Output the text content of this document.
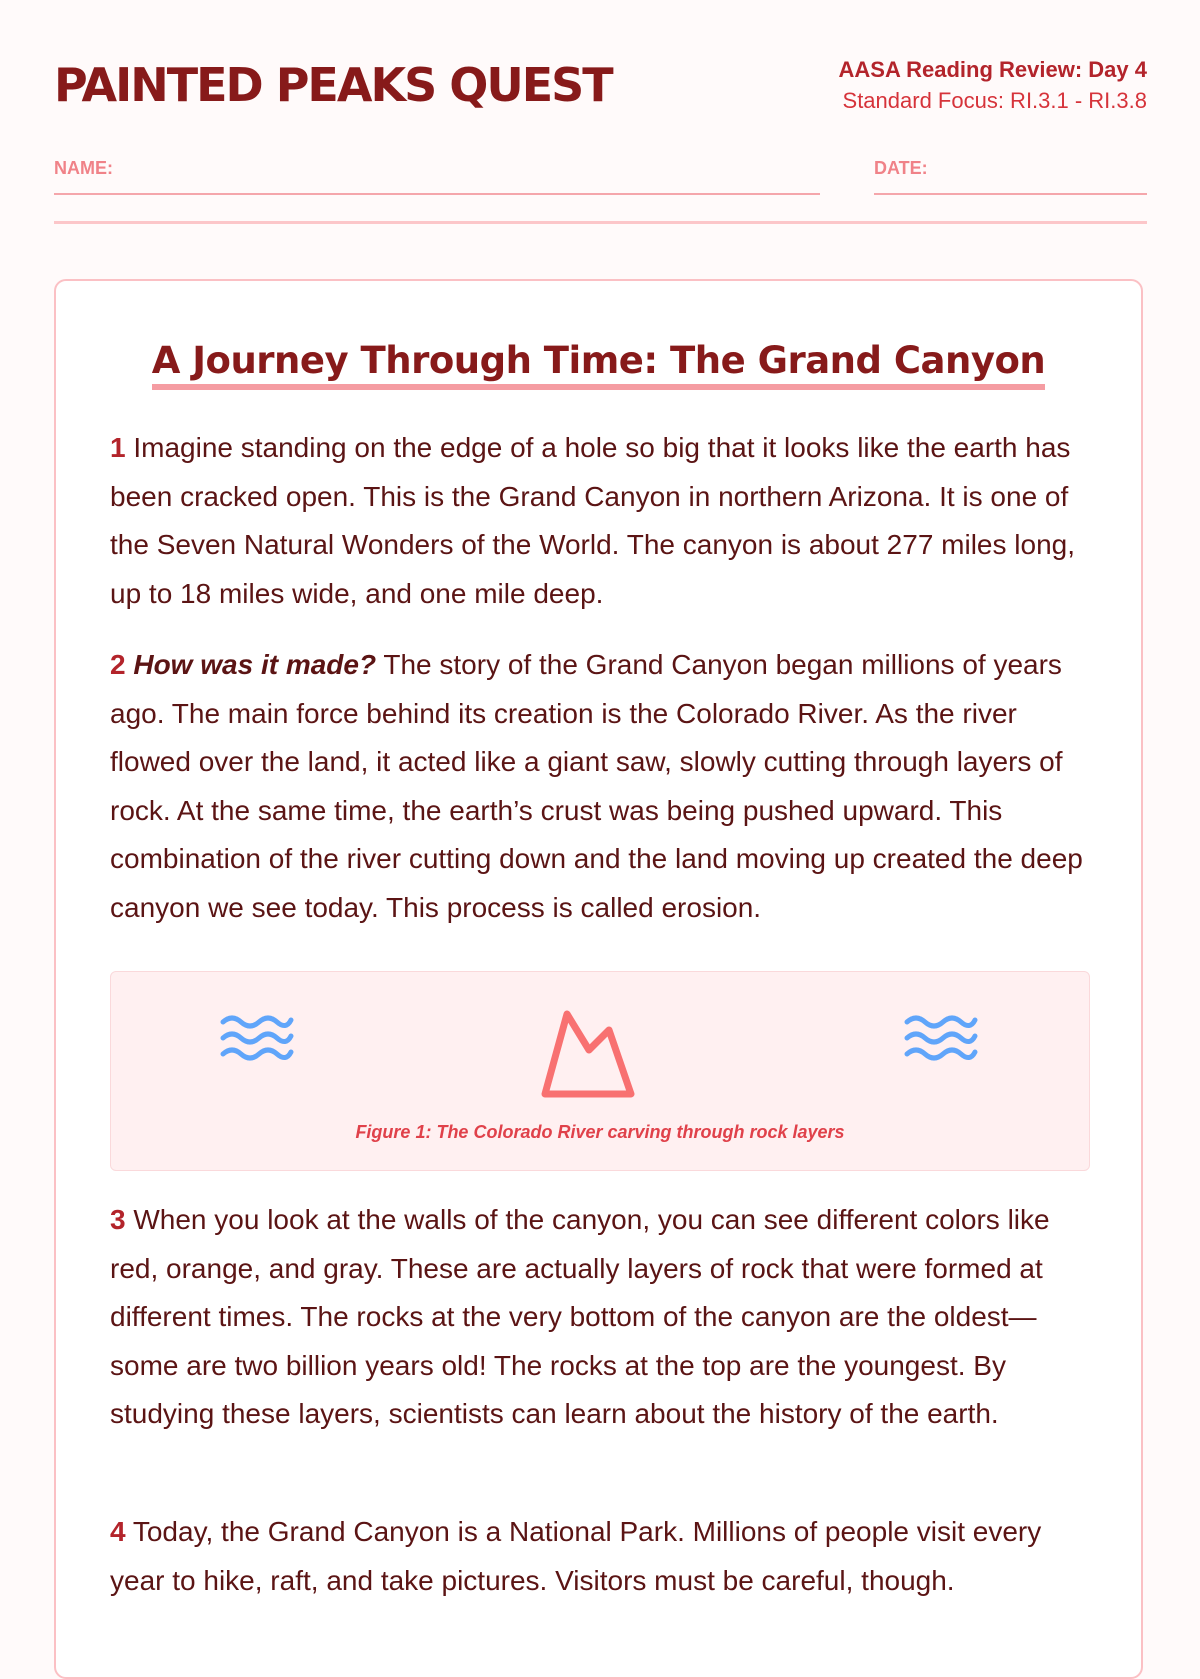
PAINTED PEAKS QUEST	AASA Reading Review: Day 4
Standard Focus: RI.3.1 - RI.3.8
NAME:	DATE:
A Journey Through Time: The Grand Canyon

1 Imagine standing on the edge of a hole so big that it looks like the earth has been cracked open. This is the Grand Canyon in northern Arizona. It is one of the Seven Natural Wonders of the World. The canyon is about 277 miles long, up to 18 miles wide, and one mile deep.

2 How was it made? The story of the Grand Canyon began millions of years ago. The main force behind its creation is the Colorado River. As the river flowed over the land, it acted like a giant saw, slowly cutting through layers of rock. At the same time, the earth’s crust was being pushed upward. This combination of the river cutting down and the land moving up created the deep canyon we see today. This process is called erosion.

Figure 1: The Colorado River carving through rock layers

3 When you look at the walls of the canyon, you can see different colors like red, orange, and gray. These are actually layers of rock that were formed at different times. The rocks at the very bottom of the canyon are the oldest—some are two billion years old! The rocks at the top are the youngest. By studying these layers, scientists can learn about the history of the earth.

4 Today, the Grand Canyon is a National Park. Millions of people visit every year to hike, raft, and take pictures. Visitors must be careful, though.
